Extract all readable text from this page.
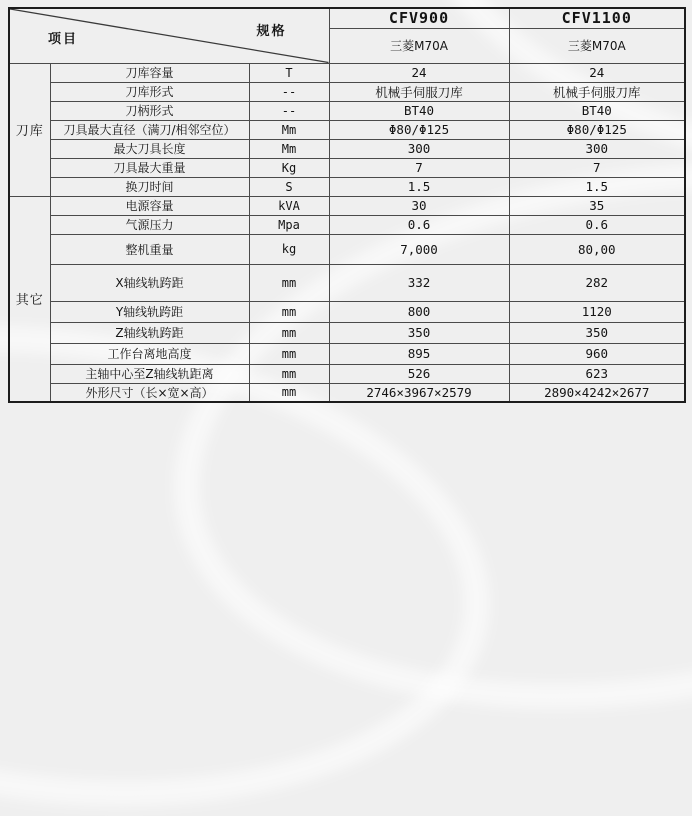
项目
规格			CFV900	CFV1100
			三菱M70A	三菱M70A
刀库	刀库容量	T	24	24
	刀库形式	--	机械手伺服刀库	机械手伺服刀库
	刀柄形式	--	BT40	BT40
	刀具最大直径（满刀/相邻空位）	Mm	Φ80/Φ125	Φ80/Φ125
	最大刀具长度	Mm	300	300
	刀具最大重量	Kg	7	7
	换刀时间	S	1.5	1.5
其它	电源容量	kVA	30	35
	气源压力	Mpa	0.6	0.6
	整机重量	kg	7,000	80,00
	X轴线轨跨距	mm	332	282
	Y轴线轨跨距	mm	800	1120
	Z轴线轨跨距	mm	350	350
	工作台离地高度	mm	895	960
	主轴中心至Z轴线轨距离	mm	526	623
	外形尺寸（长×宽×高）	mm	2746×3967×2579	2890×4242×2677
